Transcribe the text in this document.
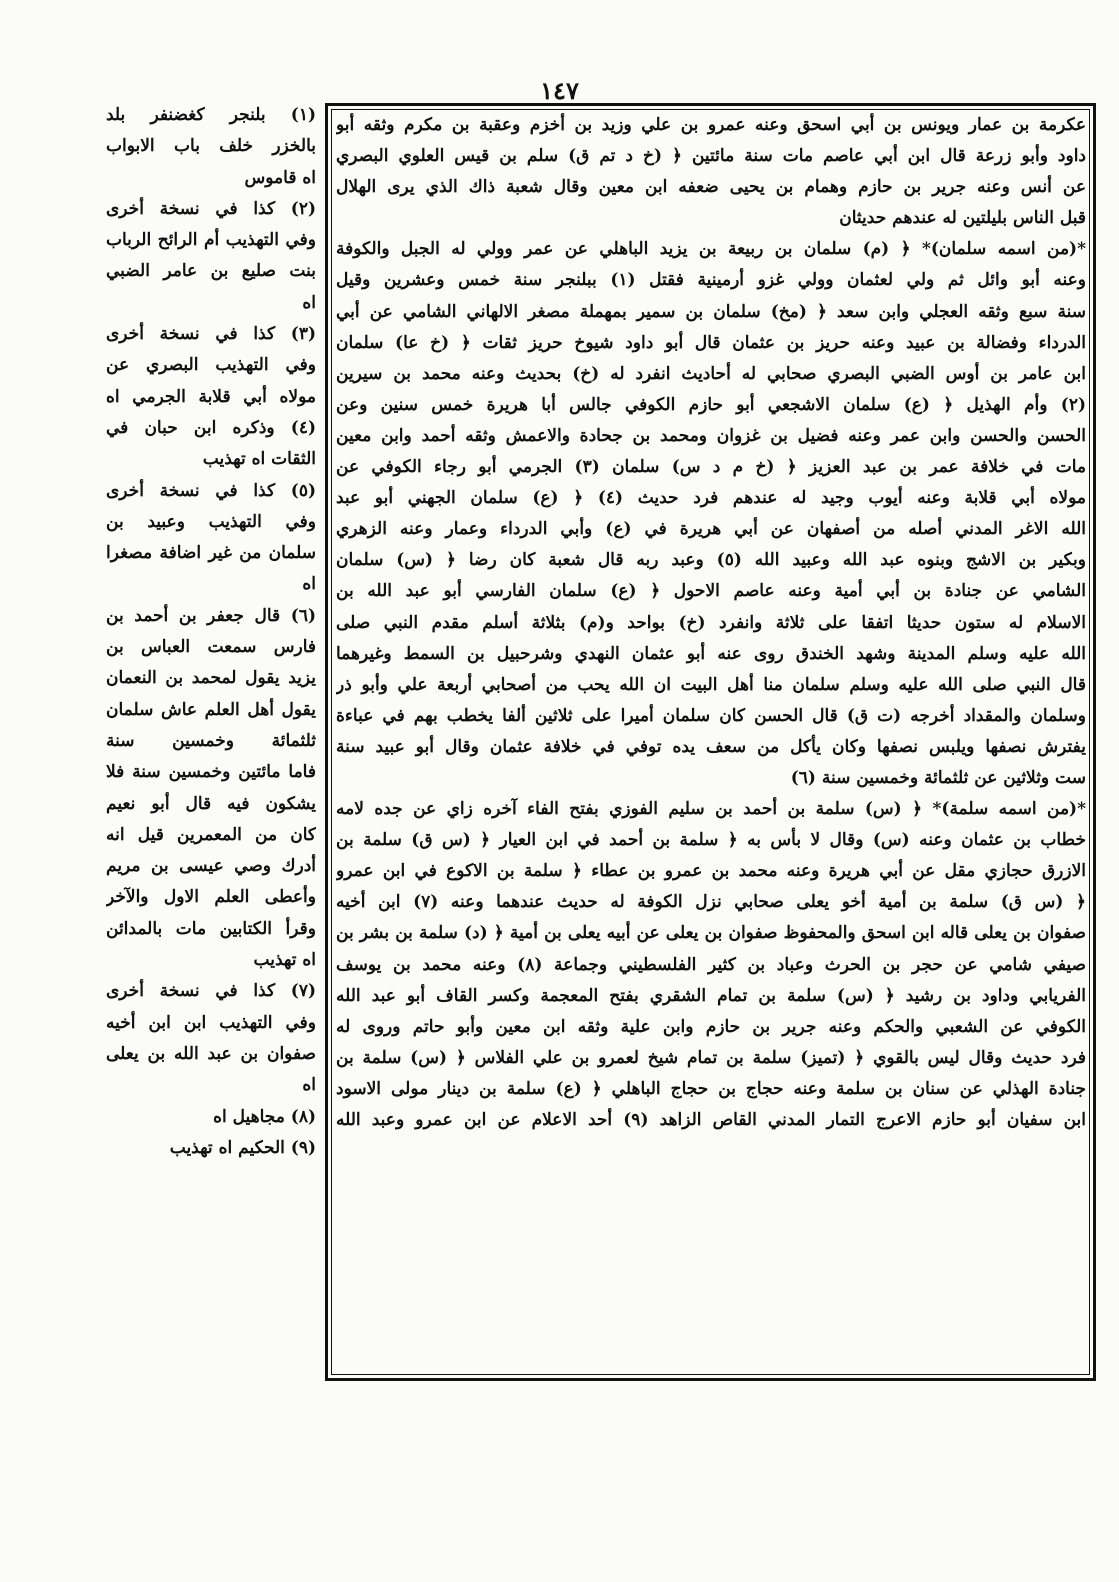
١٤٧
عكرمة بن عمار ويونس بن أبي اسحق وعنه عمرو بن علي وزيد بن أخزم وعقبة بن مكرم وثقه أبو
داود وأبو زرعة قال ابن أبي عاصم مات سنة مائتين ﴿ (خ د تم ق) سلم بن قيس العلوي البصري
عن أنس وعنه جرير بن حازم وهمام بن يحيى ضعفه ابن معين وقال شعبة ذاك الذي يرى الهلال
قبل الناس بليلتين له عندهم حديثان
*(من اسمه سلمان)* ﴿ (م) سلمان بن ربيعة بن يزيد الباهلي عن عمر وولي له الجبل والكوفة
وعنه أبو وائل ثم ولي لعثمان وولي غزو أرمينية فقتل (١) ببلنجر سنة خمس وعشرين وقيل
سنة سبع وثقه العجلي وابن سعد ﴿ (مخ) سلمان بن سمير بمهملة مصغر الالهاني الشامي عن أبي
الدرداء وفضالة بن عبيد وعنه حريز بن عثمان قال أبو داود شيوخ حريز ثقات ﴿ (خ عا) سلمان
ابن عامر بن أوس الضبي البصري صحابي له أحاديث انفرد له (خ) بحديث وعنه محمد بن سيرين
(٢) وأم الهذيل ﴿ (ع) سلمان الاشجعي أبو حازم الكوفي جالس أبا هريرة خمس سنين وعن
الحسن والحسن وابن عمر وعنه فضيل بن غزوان ومحمد بن جحادة والاعمش وثقه أحمد وابن معين
مات في خلافة عمر بن عبد العزيز ﴿ (خ م د س) سلمان (٣) الجرمي أبو رجاء الكوفي عن
مولاه أبي قلابة وعنه أيوب وجيد له عندهم فرد حديث (٤) ﴿ (ع) سلمان الجهني أبو عبد
الله الاغر المدني أصله من أصفهان عن أبي هريرة في (ع) وأبي الدرداء وعمار وعنه الزهري
وبكير بن الاشج وبنوه عبد الله وعبيد الله (٥) وعبد ربه قال شعبة كان رضا ﴿ (س) سلمان
الشامي عن جنادة بن أبي أمية وعنه عاصم الاحول ﴿ (ع) سلمان الفارسي أبو عبد الله بن
الاسلام له ستون حديثا اتفقا على ثلاثة وانفرد (خ) بواحد و(م) بثلاثة أسلم مقدم النبي صلى
الله عليه وسلم المدينة وشهد الخندق روى عنه أبو عثمان النهدي وشرحبيل بن السمط وغيرهما
قال النبي صلى الله عليه وسلم سلمان منا أهل البيت ان الله يحب من أصحابي أربعة علي وأبو ذر
وسلمان والمقداد أخرجه (ت ق) قال الحسن كان سلمان أميرا على ثلاثين ألفا يخطب بهم في عباءة
يفترش نصفها ويلبس نصفها وكان يأكل من سعف يده توفي في خلافة عثمان وقال أبو عبيد سنة
ست وثلاثين عن ثلثمائة وخمسين سنة (٦)
*(من اسمه سلمة)* ﴿ (س) سلمة بن أحمد بن سليم الفوزي بفتح الفاء آخره زاي عن جده لامه
خطاب بن عثمان وعنه (س) وقال لا بأس به ﴿ سلمة بن أحمد في ابن العيار ﴿ (س ق) سلمة بن
الازرق حجازي مقل عن أبي هريرة وعنه محمد بن عمرو بن عطاء ﴿ سلمة بن الاكوع في ابن عمرو
﴿ (س ق) سلمة بن أمية أخو يعلى صحابي نزل الكوفة له حديث عندهما وعنه (٧) ابن أخيه
صفوان بن يعلى قاله ابن اسحق والمحفوظ صفوان بن يعلى عن أبيه يعلى بن أمية ﴿ (د) سلمة بن بشر بن
صيفي شامي عن حجر بن الحرث وعباد بن كثير الفلسطيني وجماعة (٨) وعنه محمد بن يوسف
الفريابي وداود بن رشيد ﴿ (س) سلمة بن تمام الشقري بفتح المعجمة وكسر القاف أبو عبد الله
الكوفي عن الشعبي والحكم وعنه جرير بن حازم وابن علية وثقه ابن معين وأبو حاتم وروى له
فرد حديث وقال ليس بالقوي ﴿ (تميز) سلمة بن تمام شيخ لعمرو بن علي الفلاس ﴿ (س) سلمة بن
جنادة الهذلي عن سنان بن سلمة وعنه حجاج بن حجاج الباهلي ﴿ (ع) سلمة بن دينار مولى الاسود
ابن سفيان أبو حازم الاعرج التمار المدني القاص الزاهد (٩) أحد الاعلام عن ابن عمرو وعبد الله
(١) بلنجر كغضنفر بلد
بالخزر خلف باب الابواب
اه قاموس
(٢) كذا في نسخة أخرى
وفي التهذيب أم الرائح الرباب
بنت صليع بن عامر الضبي
اه
(٣) كذا في نسخة أخرى
وفي التهذيب البصري عن
مولاه أبي قلابة الجرمي اه
(٤) وذكره ابن حبان في
الثقات اه تهذيب
(٥) كذا في نسخة أخرى
وفي التهذيب وعبيد بن
سلمان من غير اضافة مصغرا
اه
(٦) قال جعفر بن أحمد بن
فارس سمعت العباس بن
يزيد يقول لمحمد بن النعمان
يقول أهل العلم عاش سلمان
ثلثمائة وخمسين سنة
فاما مائتين وخمسين سنة فلا
يشكون فيه قال أبو نعيم
كان من المعمرين قيل انه
أدرك وصي عيسى بن مريم
وأعطى العلم الاول والآخر
وقرأ الكتابين مات بالمدائن
اه تهذيب
(٧) كذا في نسخة أخرى
وفي التهذيب ابن ابن أخيه
صفوان بن عبد الله بن يعلى
اه
(٨) مجاهيل اه
(٩) الحكيم اه تهذيب
